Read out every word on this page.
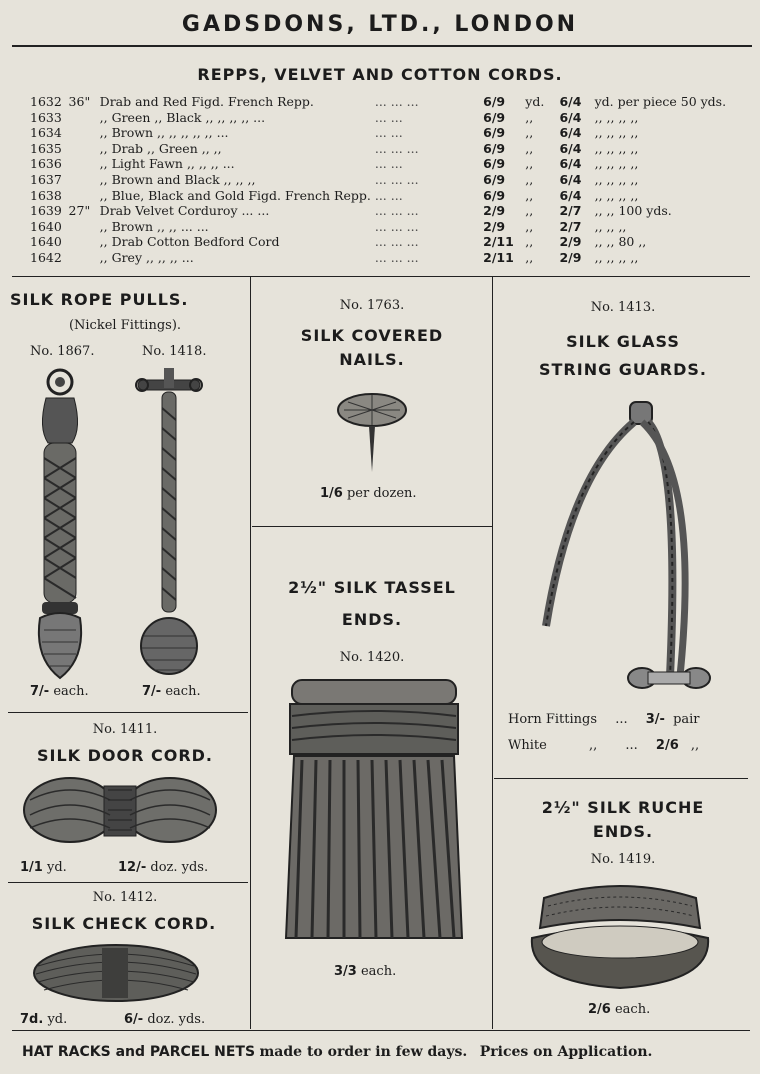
GADSDONS, LTD., LONDON
REPPS, VELVET AND COTTON CORDS.
1632	36"	Drab and Red Figd. French Repp.	... ... ...	6/9	yd.	6/4	yd. per piece 50 yds.
1633		,, Green ,, Black ,, ,, ,, ,, ...	... ...	6/9	,,	6/4	,, ,, ,, ,,
1634		,, Brown ,, ,, ,, ,, ,, ...	... ...	6/9	,,	6/4	,, ,, ,, ,,
1635		,, Drab ,, Green ,, ,,	... ... ...	6/9	,,	6/4	,, ,, ,, ,,
1636		,, Light Fawn ,, ,, ,, ...	... ...	6/9	,,	6/4	,, ,, ,, ,,
1637		,, Brown and Black ,, ,, ,,	... ... ...	6/9	,,	6/4	,, ,, ,, ,,
1638		,, Blue, Black and Gold Figd. French Repp.	... ...	6/9	,,	6/4	,, ,, ,, ,,
1639	27"	Drab Velvet Corduroy ... ...	... ... ...	2/9	,,	2/7	,, ,, 100 yds.
1640		,, Brown ,, ,, ... ...	... ... ...	2/9	,,	2/7	,, ,, ,,
1640		,, Drab Cotton Bedford Cord	... ... ...	2/11	,,	2/9	,, ,, 80 ,,
1642		,, Grey ,, ,, ,, ...	... ... ...	2/11	,,	2/9	,, ,, ,, ,,
SILK ROPE PULLS.
(Nickel Fittings).
No. 1867.	No. 1418.
7/- each.	7/- each.
No. 1411.
SILK DOOR CORD.
1/1 yd.	12/- doz. yds.
No. 1412.
SILK CHECK CORD.
7d. yd.	6/- doz. yds.
No. 1763.
SILK COVERED
NAILS.
1/6 per dozen.
2½" SILK TASSEL
ENDS.
No. 1420.
3/3 each.
No. 1413.
SILK GLASS
STRING GUARDS.
Horn Fittings ... 3/- pair
White	,, ... 2/6 ,,
2½" SILK RUCHE
ENDS.
No. 1419.
2/6 each.
HAT RACKS and PARCEL NETS made to order in few days. Prices on Application.
